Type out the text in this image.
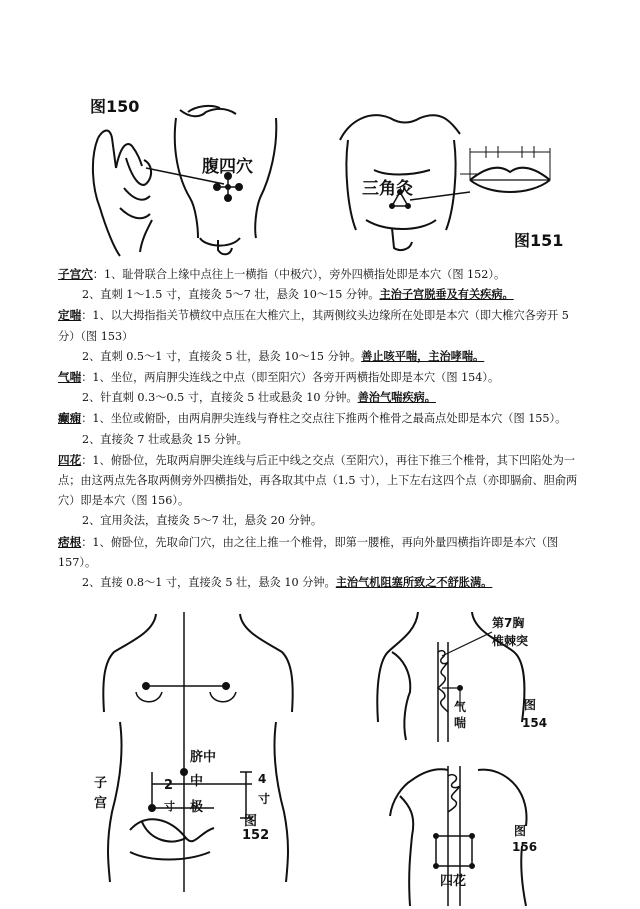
图150
腹四穴
三角灸
图151

子宫穴：1、耻骨联合上缘中点往上一横指（中极穴），旁外四横指处即是本穴（图 152）。

2、直刺 1～1.5 寸，直接灸 5～7 壮，悬灸 10～15 分钟。主治子宫脱垂及有关疾病。

定喘：1、以大拇指指关节横纹中点压在大椎穴上，其两侧纹头边缘所在处即是本穴（即大椎穴各旁开 5 分）（图 153）

2、直刺 0.5～1 寸，直接灸 5 壮，悬灸 10～15 分钟。善止咳平喘，主治哮喘。

气喘：1、坐位，两肩胛尖连线之中点（即至阳穴）各旁开两横指处即是本穴（图 154）。

2、针直刺 0.3～0.5 寸，直接灸 5 壮或悬灸 10 分钟。善治气喘疾病。

癫痫：1、坐位或俯卧，由两肩胛尖连线与脊柱之交点往下推两个椎骨之最高点处即是本穴（图 155）。

2、直接灸 7 壮或悬灸 15 分钟。

四花：1、俯卧位，先取两肩胛尖连线与后正中线之交点（至阳穴），再往下推三个椎骨，其下凹陷处为一点；由这两点先各取两侧旁外四横指处，再各取其中点（1.5 寸），上下左右这四个点（亦即膈俞、胆俞两穴）即是本穴（图 156）。

2、宜用灸法，直接灸 5～7 壮，悬灸 20 分钟。

痞根：1、俯卧位，先取命门穴，由之往上推一个椎骨，即第一腰椎，再向外量四横指许即是本穴（图 157）。

2、直接 0.8～1 寸，直接灸 5 壮，悬灸 10 分钟。主治气机阻塞所致之不舒胀满。

脐中
中
极
子
宫
2
寸
4
寸
图
152
第7胸
椎棘突
气
喘
图
154
四花
图
156
